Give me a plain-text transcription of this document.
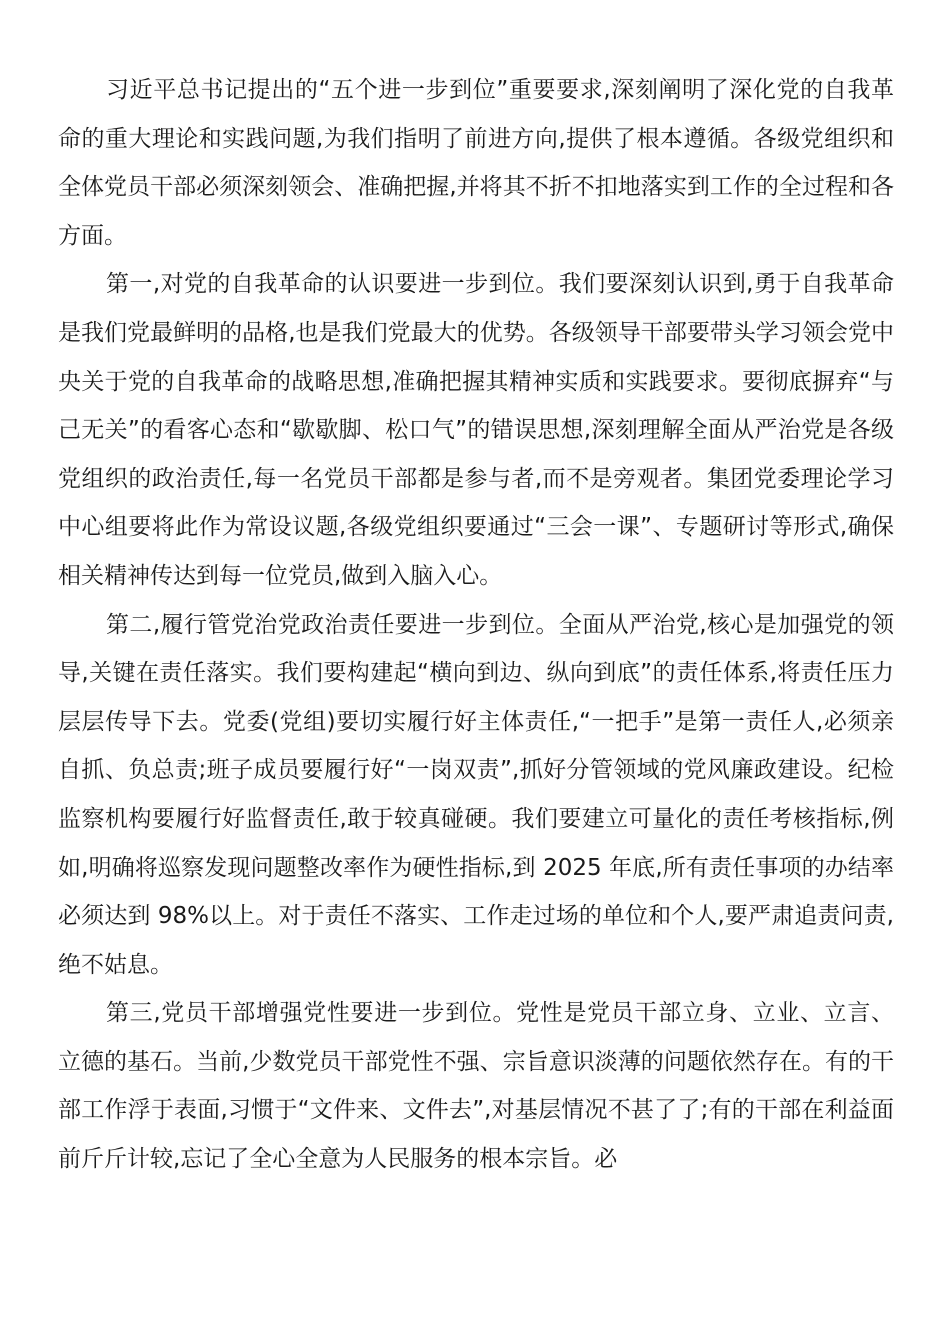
习近平总书记提出的“五个进一步到位”重要要求,深刻阐明了深化党的自我革命的重大理论和实践问题,为我们指明了前进方向,提供了根本遵循。各级党组织和全体党员干部必须深刻领会、准确把握,并将其不折不扣地落实到工作的全过程和各方面。

第一,对党的自我革命的认识要进一步到位。我们要深刻认识到,勇于自我革命是我们党最鲜明的品格,也是我们党最大的优势。各级领导干部要带头学习领会党中央关于党的自我革命的战略思想,准确把握其精神实质和实践要求。要彻底摒弃“与己无关”的看客心态和“歇歇脚、松口气”的错误思想,深刻理解全面从严治党是各级党组织的政治责任,每一名党员干部都是参与者,而不是旁观者。集团党委理论学习中心组要将此作为常设议题,各级党组织要通过“三会一课”、专题研讨等形式,确保相关精神传达到每一位党员,做到入脑入心。

第二,履行管党治党政治责任要进一步到位。全面从严治党,核心是加强党的领导,关键在责任落实。我们要构建起“横向到边、纵向到底”的责任体系,将责任压力层层传导下去。党委(党组)要切实履行好主体责任,“一把手”是第一责任人,必须亲自抓、负总责;班子成员要履行好“一岗双责”,抓好分管领域的党风廉政建设。纪检监察机构要履行好监督责任,敢于较真碰硬。我们要建立可量化的责任考核指标,例如,明确将巡察发现问题整改率作为硬性指标,到 2025 年底,所有责任事项的办结率必须达到 98%以上。对于责任不落实、工作走过场的单位和个人,要严肃追责问责,绝不姑息。

第三,党员干部增强党性要进一步到位。党性是党员干部立身、立业、立言、立德的基石。当前,少数党员干部党性不强、宗旨意识淡薄的问题依然存在。有的干部工作浮于表面,习惯于“文件来、文件去”,对基层情况不甚了了;有的干部在利益面前斤斤计较,忘记了全心全意为人民服务的根本宗旨。必
